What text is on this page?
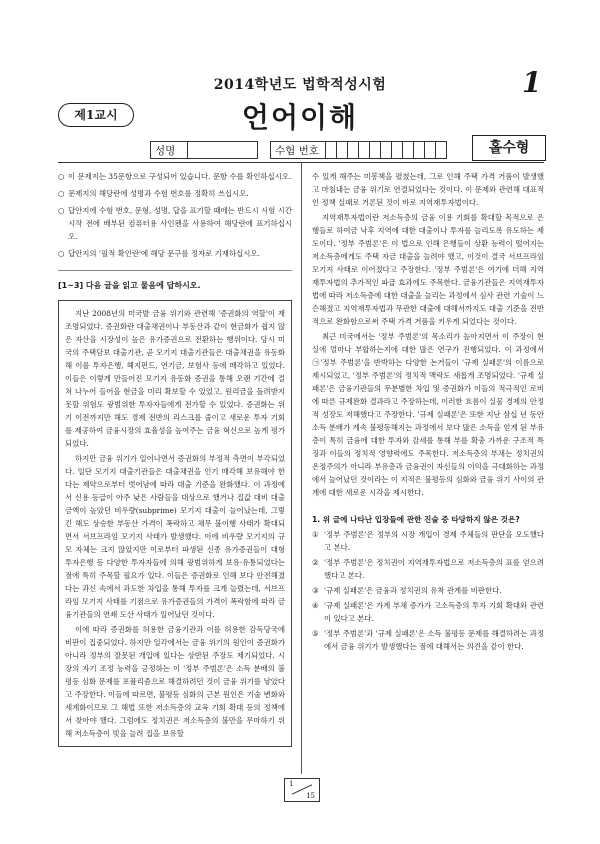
2014학년도 법학적성시험	1
제1교시	언어이해
성명	수험 번호	홀수형
○ 이 문제지는 35문항으로 구성되어 있습니다. 문항 수를 확인하십시오.
○ 문제지의 해당란에 성명과 수험 번호를 정확히 쓰십시오.
○ 답안지에 수험 번호, 문형, 성명, 답을 표기할 때에는 반드시 시험 시간 시작 전에 배부된 컴퓨터용 사인펜을 사용하여 해당란에 표기하십시오.
○ 답안지의 '필적 확인란'에 해당 문구를 정자로 기재하십시오.
[1~3] 다음 글을 읽고 물음에 답하시오.

지난 2008년의 미국발 금융 위기와 관련해 '증권화의 역할'이 재조명되었다. 증권화란 대출채권이나 부동산과 같이 현금화가 쉽지 않은 자산을 시장성이 높은 유가증권으로 전환하는 행위이다. 당시 미국의 주택담보 대출기관, 곧 모기지 대출기관들은 대출채권을 유동화해 이를 투자은행, 헤지펀드, 연기금, 보험사 등에 매각하고 있었다. 이들은 이렇게 만들어진 모기지 유동화 증권을 통해 오랜 기간에 걸쳐 나누어 들어올 현금을 미리 확보할 수 있었고, 원리금을 돌려받지 못할 위험도 광범위한 투자자들에게 전가할 수 있었다. 증권화는 위기 이전까지만 해도 경제 전반의 리스크를 줄이고 새로운 투자 기회를 제공하여 금융시장의 효율성을 높여주는 금융 혁신으로 높게 평가되었다.

하지만 금융 위기가 일어나면서 증권화의 부정적 측면이 부각되었다. 일단 모기지 대출기관들은 대출채권을 인기 매각해 보유해야 한다는 제약으로부터 벗어남에 따라 대출 기준을 완화했다. 이 과정에서 신용 등급이 아주 낮은 사람들을 대상으로 했거나 집값 대비 대출금액이 높았던 비우량(subprime) 모기지 대출이 늘어났는데, 그렇긴 해도 상승한 부동산 가격이 폭락하고 채무 불이행 사태가 확대되면서 서브프라임 모기지 사태가 발생했다. 이에 비우량 모기지의 규모 자체는 크지 않았지만 이로부터 파생된 신종 유가증권들이 대형 투자은행 등 다양한 투자자들에 의해 광범위하게 보유·유통되었다는 점에 특히 주목할 필요가 있다. 이들은 증권화로 인해 보다 안전해졌다는 과신 속에서 과도한 차입을 통해 투자를 크게 늘렸는데, 서브프라임 모기지 사태를 기점으로 유가증권들의 가격이 폭락함에 따라 금융기관들의 연쇄 도산 사태가 일어났던 것이다.

이에 따라 증권화를 허용한 금융기관과 이를 허용한 감독당국에 비판이 집중되었다. 하지만 일각에서는 금융 위기의 원인이 증권화가 아니라 정부의 잘못된 개입에 있다는 상반된 주장도 제기되었다. 시장의 자기 조정 능력을 긍정하는 이 '정부 주범론'은 소득 분배의 불평등 심화 문제를 포퓰리즘으로 해결하려던 것이 금융 위기를 낳았다고 주장한다. 이들에 따르면, 불평등 심화의 근본 원인은 기술 변화와 세계화이므로 그 해법 또한 저소득층의 교육 기회 확대 등의 정책에서 찾아야 했다. 그럼에도 정치권은 저소득층의 불만을 무마하기 위해 저소득층이 빚을 늘려 집을 보유할

수 있게 해주는 미봉책을 펼쳤는데, 그로 인해 주택 가격 거품이 발생했고 마침내는 금융 위기로 연결되었다는 것이다. 이 문제와 관련해 대표적인 정책 실패로 거론된 것이 바로 지역재투자법이다.

지역재투자법이란 저소득층의 금융 이용 기회를 확대할 목적으로 은행들로 하여금 낙후 지역에 대한 대출이나 투자를 늘리도록 유도하는 제도이다. '정부 주범론'은 이 법으로 인해 은행들이 상환 능력이 떨어지는 저소득층에게도 주택 자금 대출을 늘려야 했고, 이것이 결국 서브프라임 모기지 사태로 이어졌다고 주장한다. '정부 주범론'은 여기에 더해 지역재투자법의 추가적인 파급 효과에도 주목한다. 금융기관들은 지역재투자법에 따라 저소득층에 대한 대출을 늘리는 과정에서 심사 관련 기술이 느슨해졌고 지역재투자법과 무관한 대출에 대해서까지도 대출 기준을 전반적으로 완화함으로써 주택 가격 거품을 키우게 되었다는 것이다.

최근 미국에서는 '정부 주범론'의 목소리가 높아지면서 이 주장이 현실에 얼마나 부합하는지에 대한 많은 연구가 진행되었다. 이 과정에서 ㉠'정부 주범론'을 반박하는 다양한 논거들이 '규제 실패론'의 이름으로 제시되었고, '정부 주범론'의 정치적 맥락도 새롭게 조명되었다. '규제 실패론'은 금융기관들의 무분별한 차입 및 증권화가 이들의 적극적인 로비에 따른 규제완화 결과라고 주장하는데, 이러한 흐름이 실물 경제의 안정적 성장도 저해했다고 주장한다. '규제 실패론'은 또한 지난 삼십 년 동안 소득 분배가 계속 불평등해지는 과정에서 보다 많은 소득을 얻게 된 부유층이 특히 금융에 대한 투자와 감세를 통해 부를 확충 가까운 구조적 특징과 이들의 정치적 영향력에도 주목한다. 저소득층의 부채는 정치권의 온정주의가 아니라 부유층과 금융권이 자신들의 이익을 극대화하는 과정에서 늘어났던 것이라는 이 지적은 불평등의 심화와 금융 위기 사이의 관계에 대한 새로운 시각을 제시한다.

1. 위 글에 나타난 입장들에 관한 진술 중 타당하지 않은 것은?
① '정부 주범론'은 정부의 시장 개입이 경제 주체들의 판단을 오도했다고 본다.
② '정부 주범론'은 정치권이 지역재투자법으로 저소득층의 표를 얻으려 했다고 본다.
③ '규제 실패론'은 금융과 정치권의 유착 관계를 비판한다.
④ '규제 실패론'은 가계 부채 증가가 고소득층의 투자 기회 확대와 관련이 있다고 본다.
⑤ '정부 주범론'과 '규제 실패론'은 소득 불평등 문제를 해결하려는 과정에서 금융 위기가 발생했다는 점에 대해서는 의견을 같이 한다.
1
15
